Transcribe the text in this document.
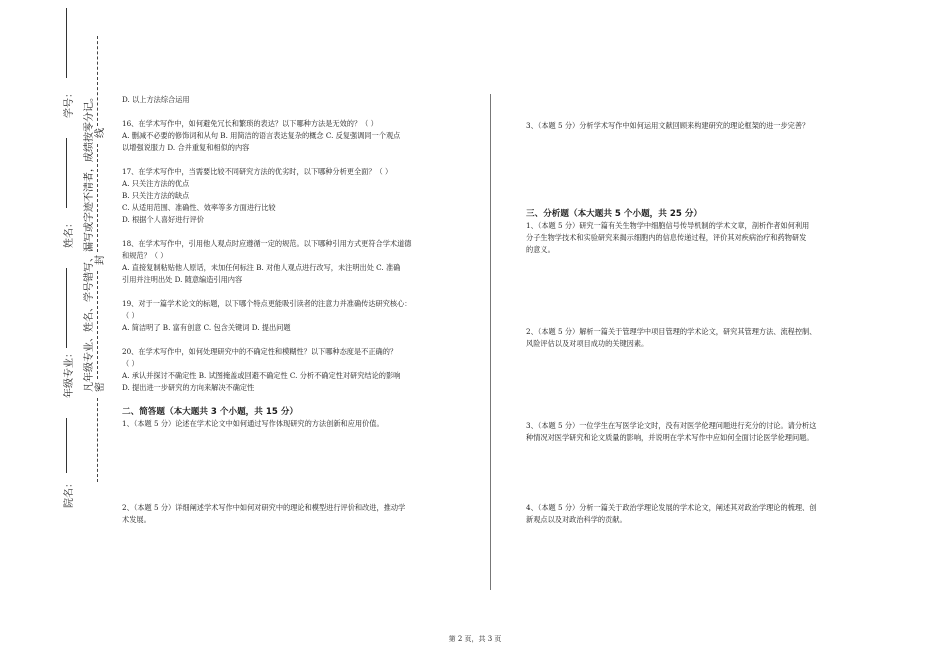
学号：
姓名：
年级专业：
院名：
凡年级专业、姓名、学号错写、漏写或字迹不清者，成绩按零分记。 线
封
密
D. 以上方法综合运用
16、在学术写作中，如何避免冗长和繁琐的表达？以下哪种方法是无效的？（ ）
A. 删减不必要的修饰词和从句 B. 用简洁的语言表达复杂的概念 C. 反复强调同一个观点
以增强说服力 D. 合并重复和相似的内容
17、在学术写作中，当需要比较不同研究方法的优劣时，以下哪种分析更全面？（ ）
A. 只关注方法的优点
B. 只关注方法的缺点
C. 从适用范围、准确性、效率等多方面进行比较
D. 根据个人喜好进行评价
18、在学术写作中，引用他人观点时应遵循一定的规范。以下哪种引用方式更符合学术道德
和规范？（ ）
A. 直接复制粘贴他人原话，未加任何标注 B. 对他人观点进行改写，未注明出处 C. 准确
引用并注明出处 D. 随意编造引用内容
19、对于一篇学术论文的标题，以下哪个特点更能吸引读者的注意力并准确传达研究核心：
（ ）
A. 简洁明了 B. 富有创意 C. 包含关键词 D. 提出问题
20、在学术写作中，如何处理研究中的不确定性和模糊性？以下哪种态度是不正确的？
（ ）
A. 承认并探讨不确定性 B. 试图掩盖或回避不确定性 C. 分析不确定性对研究结论的影响
D. 提出进一步研究的方向来解决不确定性
二、简答题（本大题共 3 个小题，共 15 分）
1、（本题 5 分）论述在学术论文中如何通过写作体现研究的方法创新和应用价值。
2、（本题 5 分）详细阐述学术写作中如何对研究中的理论和模型进行评价和改进，推动学
术发展。
3、（本题 5 分）分析学术写作中如何运用文献回顾来构建研究的理论框架的进一步完善？
三、分析题（本大题共 5 个小题，共 25 分）
1、（本题 5 分）研究一篇有关生物学中细胞信号传导机制的学术文章，剖析作者如何利用
分子生物学技术和实验研究来揭示细胞内的信息传递过程，评价其对疾病治疗和药物研发
的意义。
2、（本题 5 分）解析一篇关于管理学中项目管理的学术论文，研究其管理方法、流程控制、
风险评估以及对项目成功的关键因素。
3、（本题 5 分）一位学生在写医学论文时，没有对医学伦理问题进行充分的讨论。请分析这
种情况对医学研究和论文质量的影响，并说明在学术写作中应如何全面讨论医学伦理问题。
4、（本题 5 分）分析一篇关于政治学理论发展的学术论文，阐述其对政治学理论的梳理、创
新观点以及对政治科学的贡献。
第 2 页，共 3 页
